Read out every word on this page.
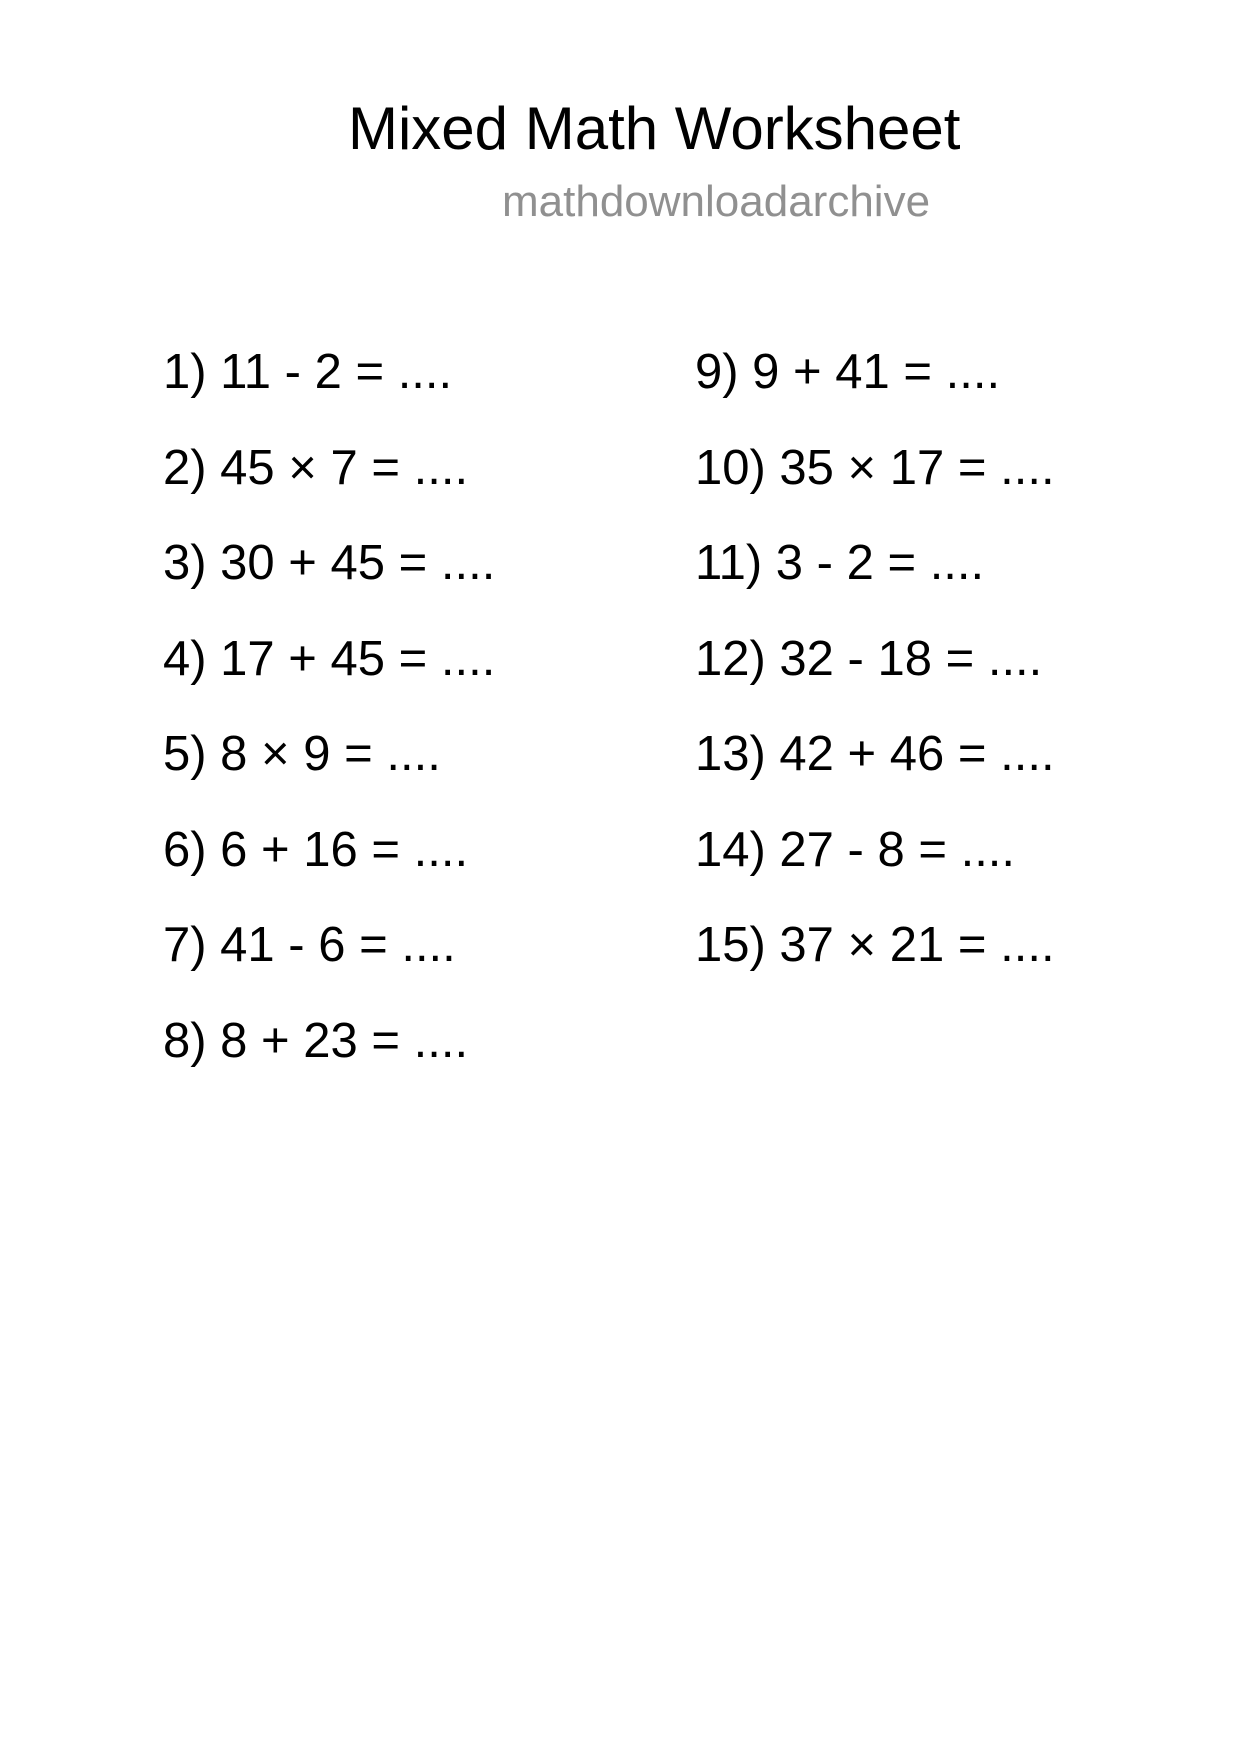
Mixed Math Worksheet
mathdownloadarchive
1) 11 - 2 = ....
2) 45 × 7 = ....
3) 30 + 45 = ....
4) 17 + 45 = ....
5) 8 × 9 = ....
6) 6 + 16 = ....
7) 41 - 6 = ....
8) 8 + 23 = ....
9) 9 + 41 = ....
10) 35 × 17 = ....
11) 3 - 2 = ....
12) 32 - 18 = ....
13) 42 + 46 = ....
14) 27 - 8 = ....
15) 37 × 21 = ....
